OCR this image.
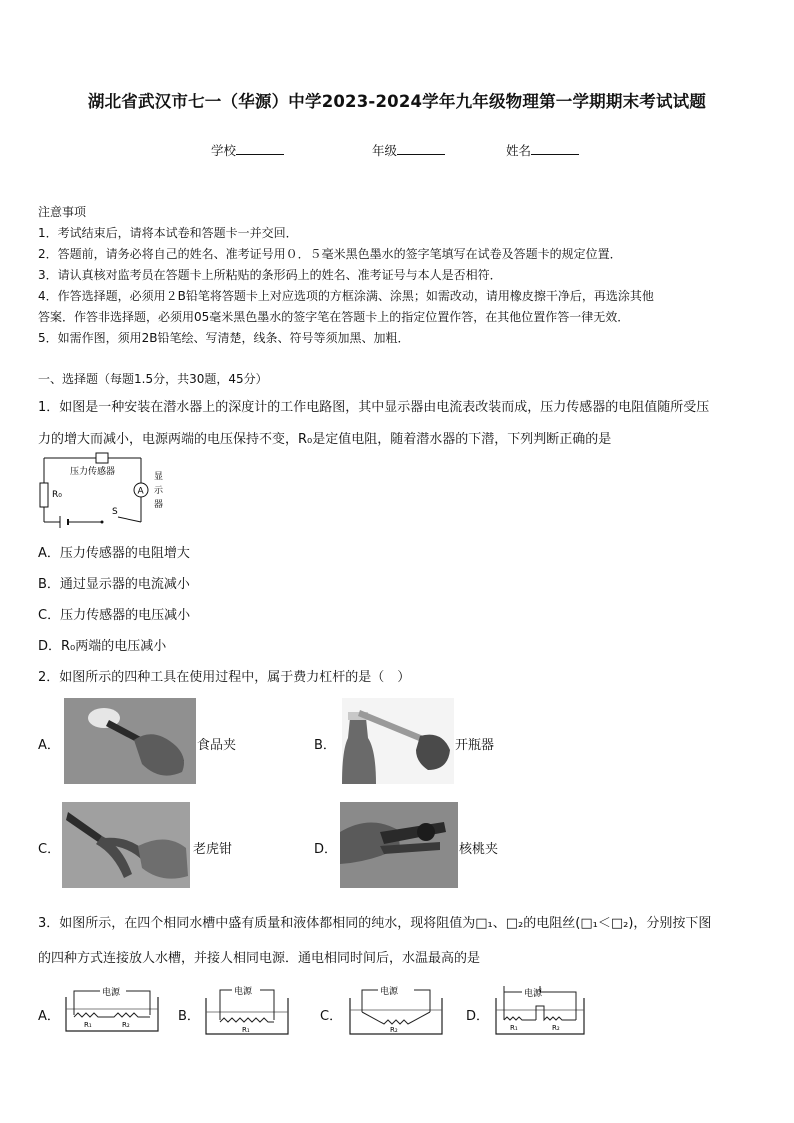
湖北省武汉市七一（华源）中学2023-2024学年九年级物理第一学期期末考试试题
学校	年级	姓名
注意事项
1．考试结束后，请将本试卷和答题卡一并交回．
2．答题前，请务必将自己的姓名、准考证号用０．５毫米黑色墨水的签字笔填写在试卷及答题卡的规定位置．
3．请认真核对监考员在答题卡上所粘贴的条形码上的姓名、准考证号与本人是否相符．
4．作答选择题，必须用２B铅笔将答题卡上对应选项的方框涂满、涂黑；如需改动，请用橡皮擦干净后，再选涂其他
答案．作答非选择题，必须用05毫米黑色墨水的签字笔在答题卡上的指定位置作答，在其他位置作答一律无效．
5．如需作图，须用2B铅笔绘、写清楚，线条、符号等须加黑、加粗．
一、选择题（每题1.5分，共30题，45分）
1．如图是一种安装在潜水器上的深度计的工作电路图，其中显示器由电流表改装而成，压力传感器的电阻值随所受压
力的增大而减小，电源两端的电压保持不变，R₀是定值电阻，随着潜水器的下潜，下列判断正确的是
压力传感器
R₀	A
显
示
器
S
A．压力传感器的电阻增大
B．通过显示器的电流减小
C．压力传感器的电压减小
D．R₀两端的电压减小
2．如图所示的四种工具在使用过程中，属于费力杠杆的是（　）
A．	食品夹	B．	开瓶器
C．	老虎钳	D．	核桃夹
3．如图所示，在四个相同水槽中盛有质量和液体都相同的纯水，现将阻值为□₁、□₂的电阻丝(□₁＜□₂)，分别按下图
的四种方式连接放人水槽，并接人相同电源．通电相同时间后，水温最高的是
A．
电源
R₁	R₂
B．
电源
R₁
C．
电源
R₂
D．
电源
R₁	R₂
